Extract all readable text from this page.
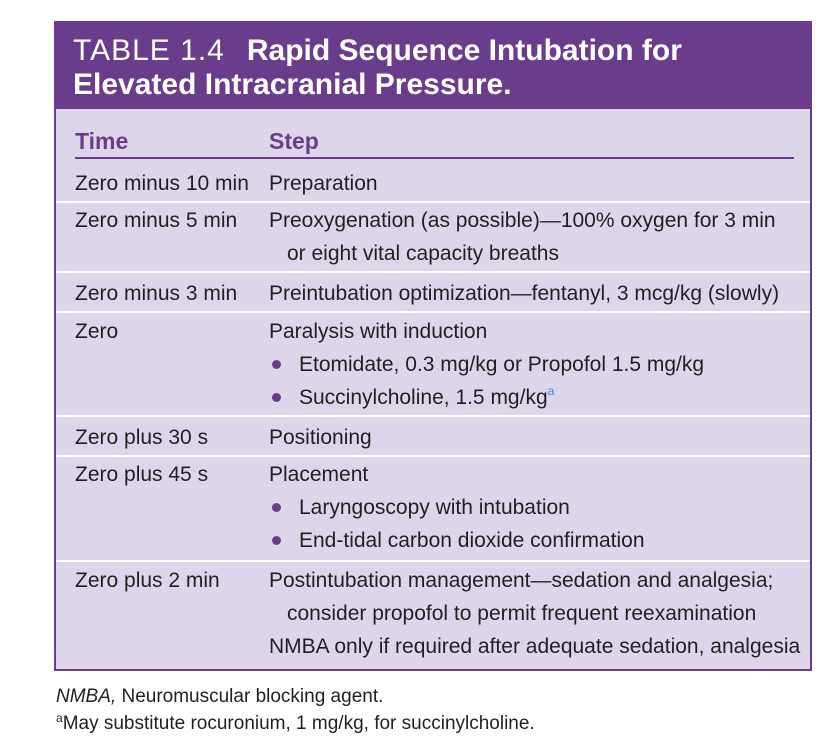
TABLE 1.4 Rapid Sequence Intubation for
Elevated Intracranial Pressure.
Time	Step
Zero minus 10 min Preparation
Zero minus 5 min Preoxygenation (as possible)—100% oxygen for 3 min
or eight vital capacity breaths
Zero minus 3 min Preintubation optimization—fentanyl, 3 mcg/kg (slowly)
Zero	Paralysis with induction
Etomidate, 0.3 mg/kg or Propofol 1.5 mg/kg
Succinylcholine, 1.5 mg/kg$^a$
Zero plus 30 s	Positioning
Zero plus 45 s	Placement
Laryngoscopy with intubation
End-tidal carbon dioxide confirmation
Zero plus 2 min Postintubation management—sedation and analgesia;
consider propofol to permit frequent reexamination
NMBA only if required after adequate sedation, analgesia
NMBA, Neuromuscular blocking agent.
$^a$May substitute rocuronium, 1 mg/kg, for succinylcholine.
